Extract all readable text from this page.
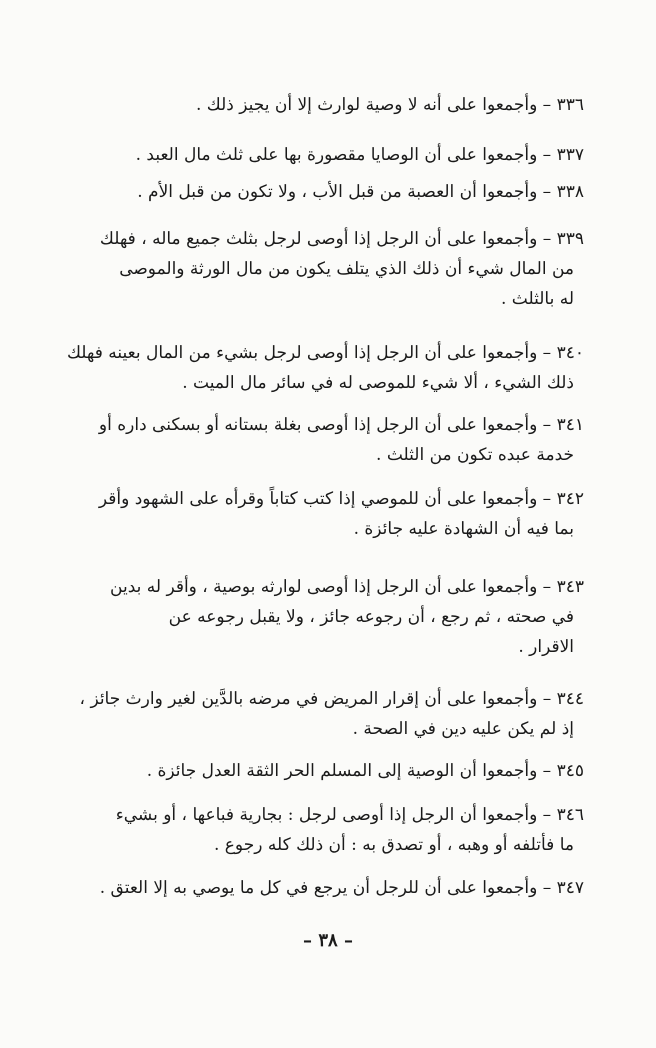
٣٣٦ – وأجمعوا على أنه لا وصية لوارث إلا أن يجيز ذلك .
٣٣٧ – وأجمعوا على أن الوصايا مقصورة بها على ثلث مال العبد .
٣٣٨ – وأجمعوا أن العصبة من قبل الأب ، ولا تكون من قبل الأم .
٣٣٩ – وأجمعوا على أن الرجل إذا أوصى لرجل بثلث جميع ماله ، فهلك
من المال شيء أن ذلك الذي يتلف يكون من مال الورثة والموصى
له بالثلث .
٣٤٠ – وأجمعوا على أن الرجل إذا أوصى لرجل بشيء من المال بعينه فهلك
ذلك الشيء ، ألا شيء للموصى له في سائر مال الميت .
٣٤١ – وأجمعوا على أن الرجل إذا أوصى بغلة بستانه أو بسكنى داره أو
خدمة عبده تكون من الثلث .
٣٤٢ – وأجمعوا على أن للموصي إذا كتب كتاباً وقرأه على الشهود وأقر
بما فيه أن الشهادة عليه جائزة .
٣٤٣ – وأجمعوا على أن الرجل إذا أوصى لوارثه بوصية ، وأقر له بدين
في صحته ، ثم رجع ، أن رجوعه جائز ، ولا يقبل رجوعه عن
الاقرار .
٣٤٤ – وأجمعوا على أن إقرار المريض في مرضه بالدَّين لغير وارث جائز ،
إذ لم يكن عليه دين في الصحة .
٣٤٥ – وأجمعوا أن الوصية إلى المسلم الحر الثقة العدل جائزة .
٣٤٦ – وأجمعوا أن الرجل إذا أوصى لرجل : بجارية فباعها ، أو بشيء
ما فأتلفه أو وهبه ، أو تصدق به : أن ذلك كله رجوع .
٣٤٧ – وأجمعوا على أن للرجل أن يرجع في كل ما يوصي به إلا العتق .
– ٣٨ –
